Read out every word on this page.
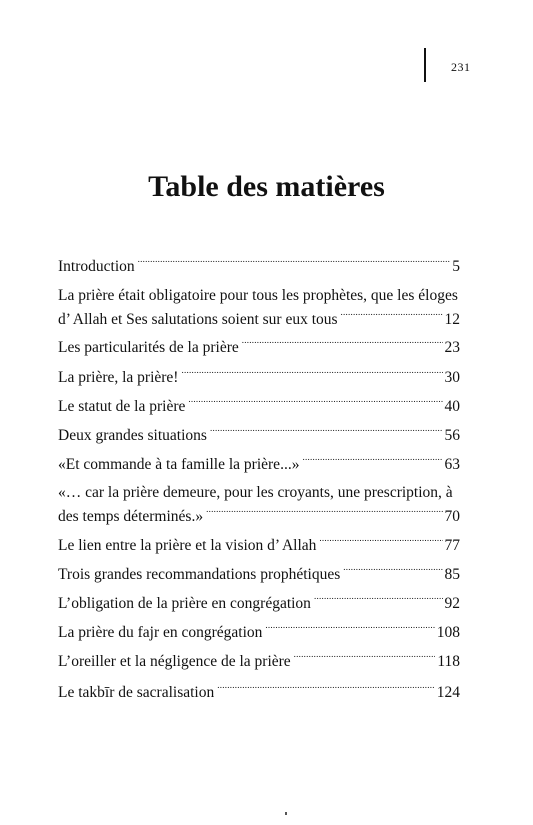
231
Table des matières
Introduction . . .	5
La prière était obligatoire pour tous les prophètes, que les éloges
d’ Allah et Ses salutations soient sur eux tous . . .	12
Les particularités de la prière . . .	23
La prière, la prière! . . .	30
Le statut de la prière . . .	40
Deux grandes situations . . .	56
«Et commande à ta famille la prière...» . . .	63
«… car la prière demeure, pour les croyants, une prescription, à
des temps déterminés.» . . .	70
Le lien entre la prière et la vision d’ Allah . . .	77
Trois grandes recommandations prophétiques . . .	85
L’obligation de la prière en congrégation . . .	92
La prière du fajr en congrégation . . .	108
L’oreiller et la négligence de la prière . . .	118
Le takbīr de sacralisation . . .	124
